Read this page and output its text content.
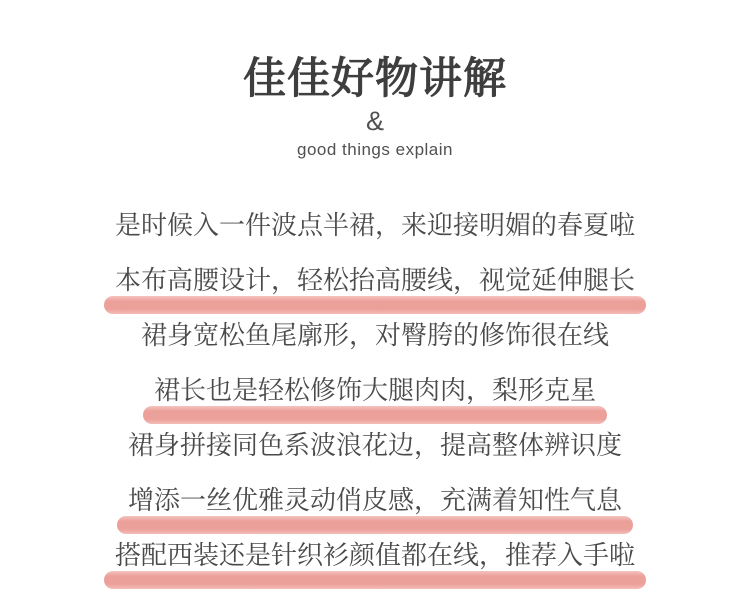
佳佳好物讲解
&
good things explain
是时候入一件波点半裙，来迎接明媚的春夏啦
本布高腰设计，轻松抬高腰线，视觉延伸腿长
裙身宽松鱼尾廓形，对臀胯的修饰很在线
裙长也是轻松修饰大腿肉肉，梨形克星
裙身拼接同色系波浪花边，提高整体辨识度
增添一丝优雅灵动俏皮感，充满着知性气息
搭配西装还是针织衫颜值都在线，推荐入手啦
